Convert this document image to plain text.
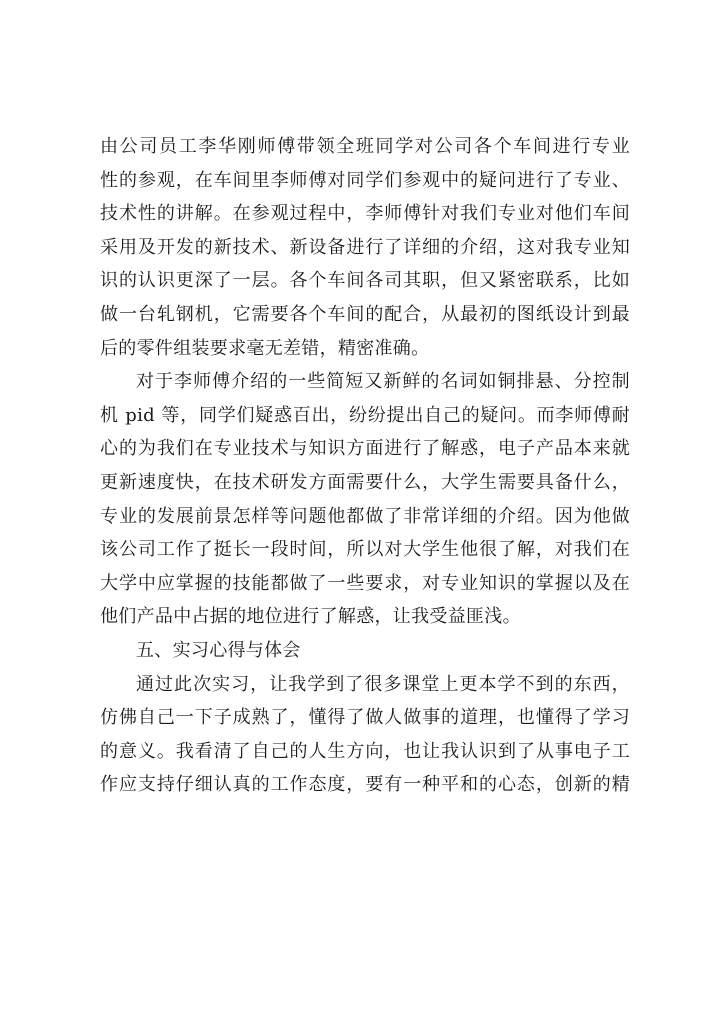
由公司员工李华刚师傅带领全班同学对公司各个车间进行专业
性的参观，在车间里李师傅对同学们参观中的疑问进行了专业、
技术性的讲解。在参观过程中，李师傅针对我们专业对他们车间
采用及开发的新技术、新设备进行了详细的介绍，这对我专业知
识的认识更深了一层。各个车间各司其职，但又紧密联系，比如
做一台轧钢机，它需要各个车间的配合，从最初的图纸设计到最
后的零件组装要求毫无差错，精密准确。
对于李师傅介绍的一些简短又新鲜的名词如铜排悬、分控制
机 pid 等，同学们疑惑百出，纷纷提出自己的疑问。而李师傅耐
心的为我们在专业技术与知识方面进行了解惑，电子产品本来就
更新速度快，在技术研发方面需要什么，大学生需要具备什么，
专业的发展前景怎样等问题他都做了非常详细的介绍。因为他做
该公司工作了挺长一段时间，所以对大学生他很了解，对我们在
大学中应掌握的技能都做了一些要求，对专业知识的掌握以及在
他们产品中占据的地位进行了解惑，让我受益匪浅。
五、实习心得与体会
通过此次实习，让我学到了很多课堂上更本学不到的东西，
仿佛自己一下子成熟了，懂得了做人做事的道理，也懂得了学习
的意义。我看清了自己的人生方向，也让我认识到了从事电子工
作应支持仔细认真的工作态度，要有一种平和的心态，创新的精
